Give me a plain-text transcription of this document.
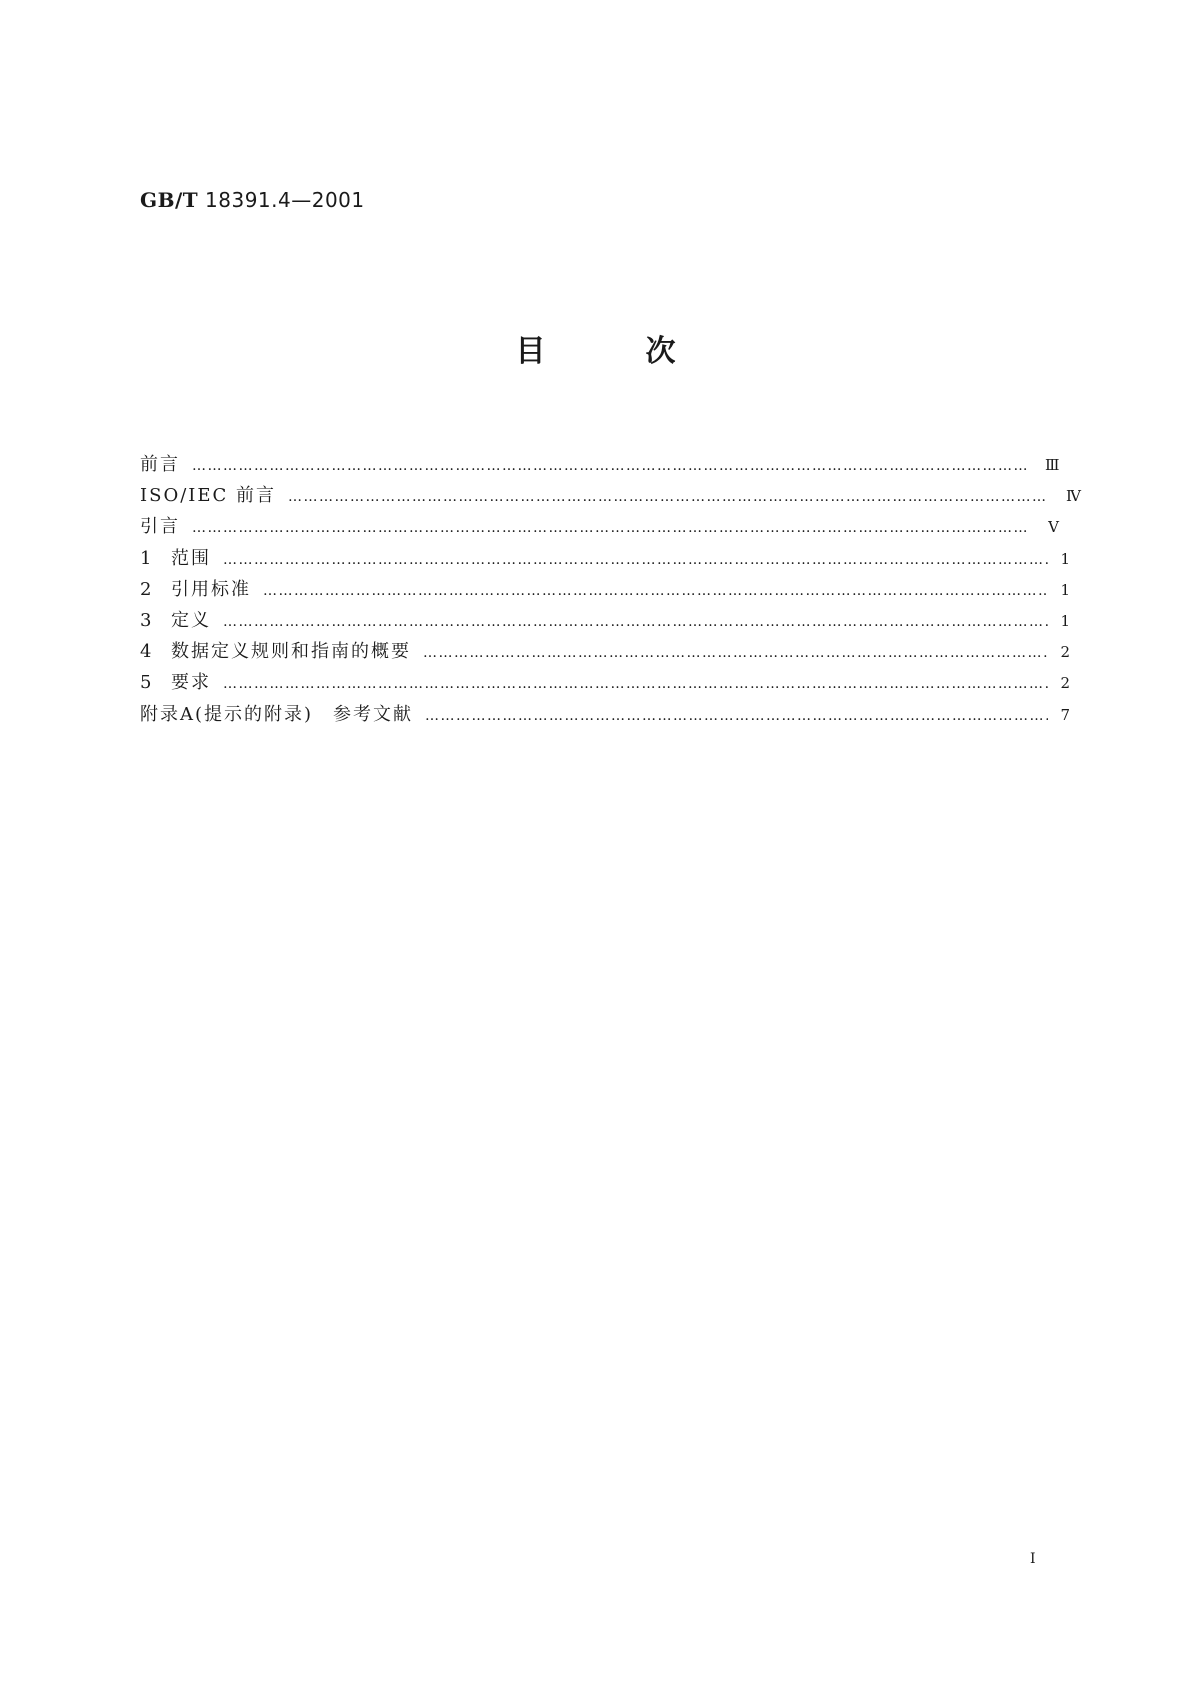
GB/T 18391.4—2001
目次
前言 …………………………………………………………………………………………………………………………………………………………………………………………………………………………………………	Ⅲ
ISO/IEC 前言 …………………………………………………………………………………………………………………………………………………………………………………………………………………………………………	Ⅳ
引言 …………………………………………………………………………………………………………………………………………………………………………………………………………………………………………	Ⅴ
1	范围 …………………………………………………………………………………………………………………………………………………………………………………………………………………………………………	1
2	引用标准 …………………………………………………………………………………………………………………………………………………………………………………………………………………………………………	1
3	定义 …………………………………………………………………………………………………………………………………………………………………………………………………………………………………………	1
4	数据定义规则和指南的概要 …………………………………………………………………………………………………………………………………………………………………………………………………………………………………………	2
5	要求 …………………………………………………………………………………………………………………………………………………………………………………………………………………………………………	2
附录A(提示的附录)　参考文献 …………………………………………………………………………………………………………………………………………………………………………………………………………………………………………	7
I
